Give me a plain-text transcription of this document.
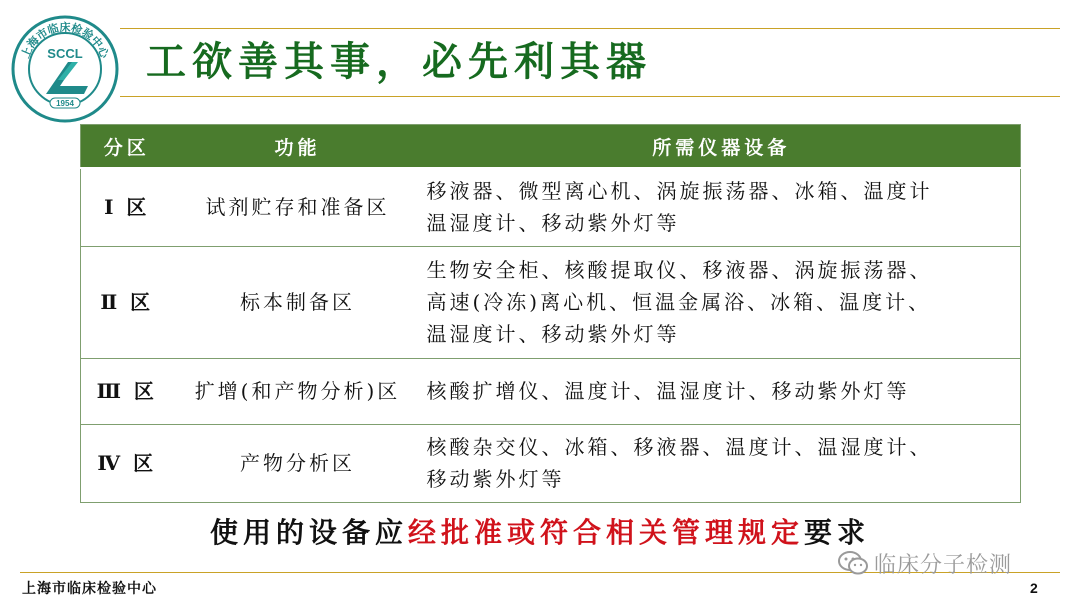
上海市临床检验中心
SCCL
1954
工欲善其事，必先利其器
分区	功能	所需仪器设备
Ⅰ 区	试剂贮存和准备区	移液器、微型离心机、涡旋振荡器、冰箱、温度计
温湿度计、移动紫外灯等

Ⅱ 区	标本制备区	生物安全柜、核酸提取仪、移液器、涡旋振荡器、
高速(冷冻)离心机、恒温金属浴、冰箱、温度计、
温湿度计、移动紫外灯等

Ⅲ 区	扩增(和产物分析)区	核酸扩增仪、温度计、温湿度计、移动紫外灯等

Ⅳ 区	产物分析区	核酸杂交仪、冰箱、移液器、温度计、温湿度计、
移动紫外灯等
使用的设备应经批准或符合相关管理规定要求
上海市临床检验中心
临床分子检测
2
